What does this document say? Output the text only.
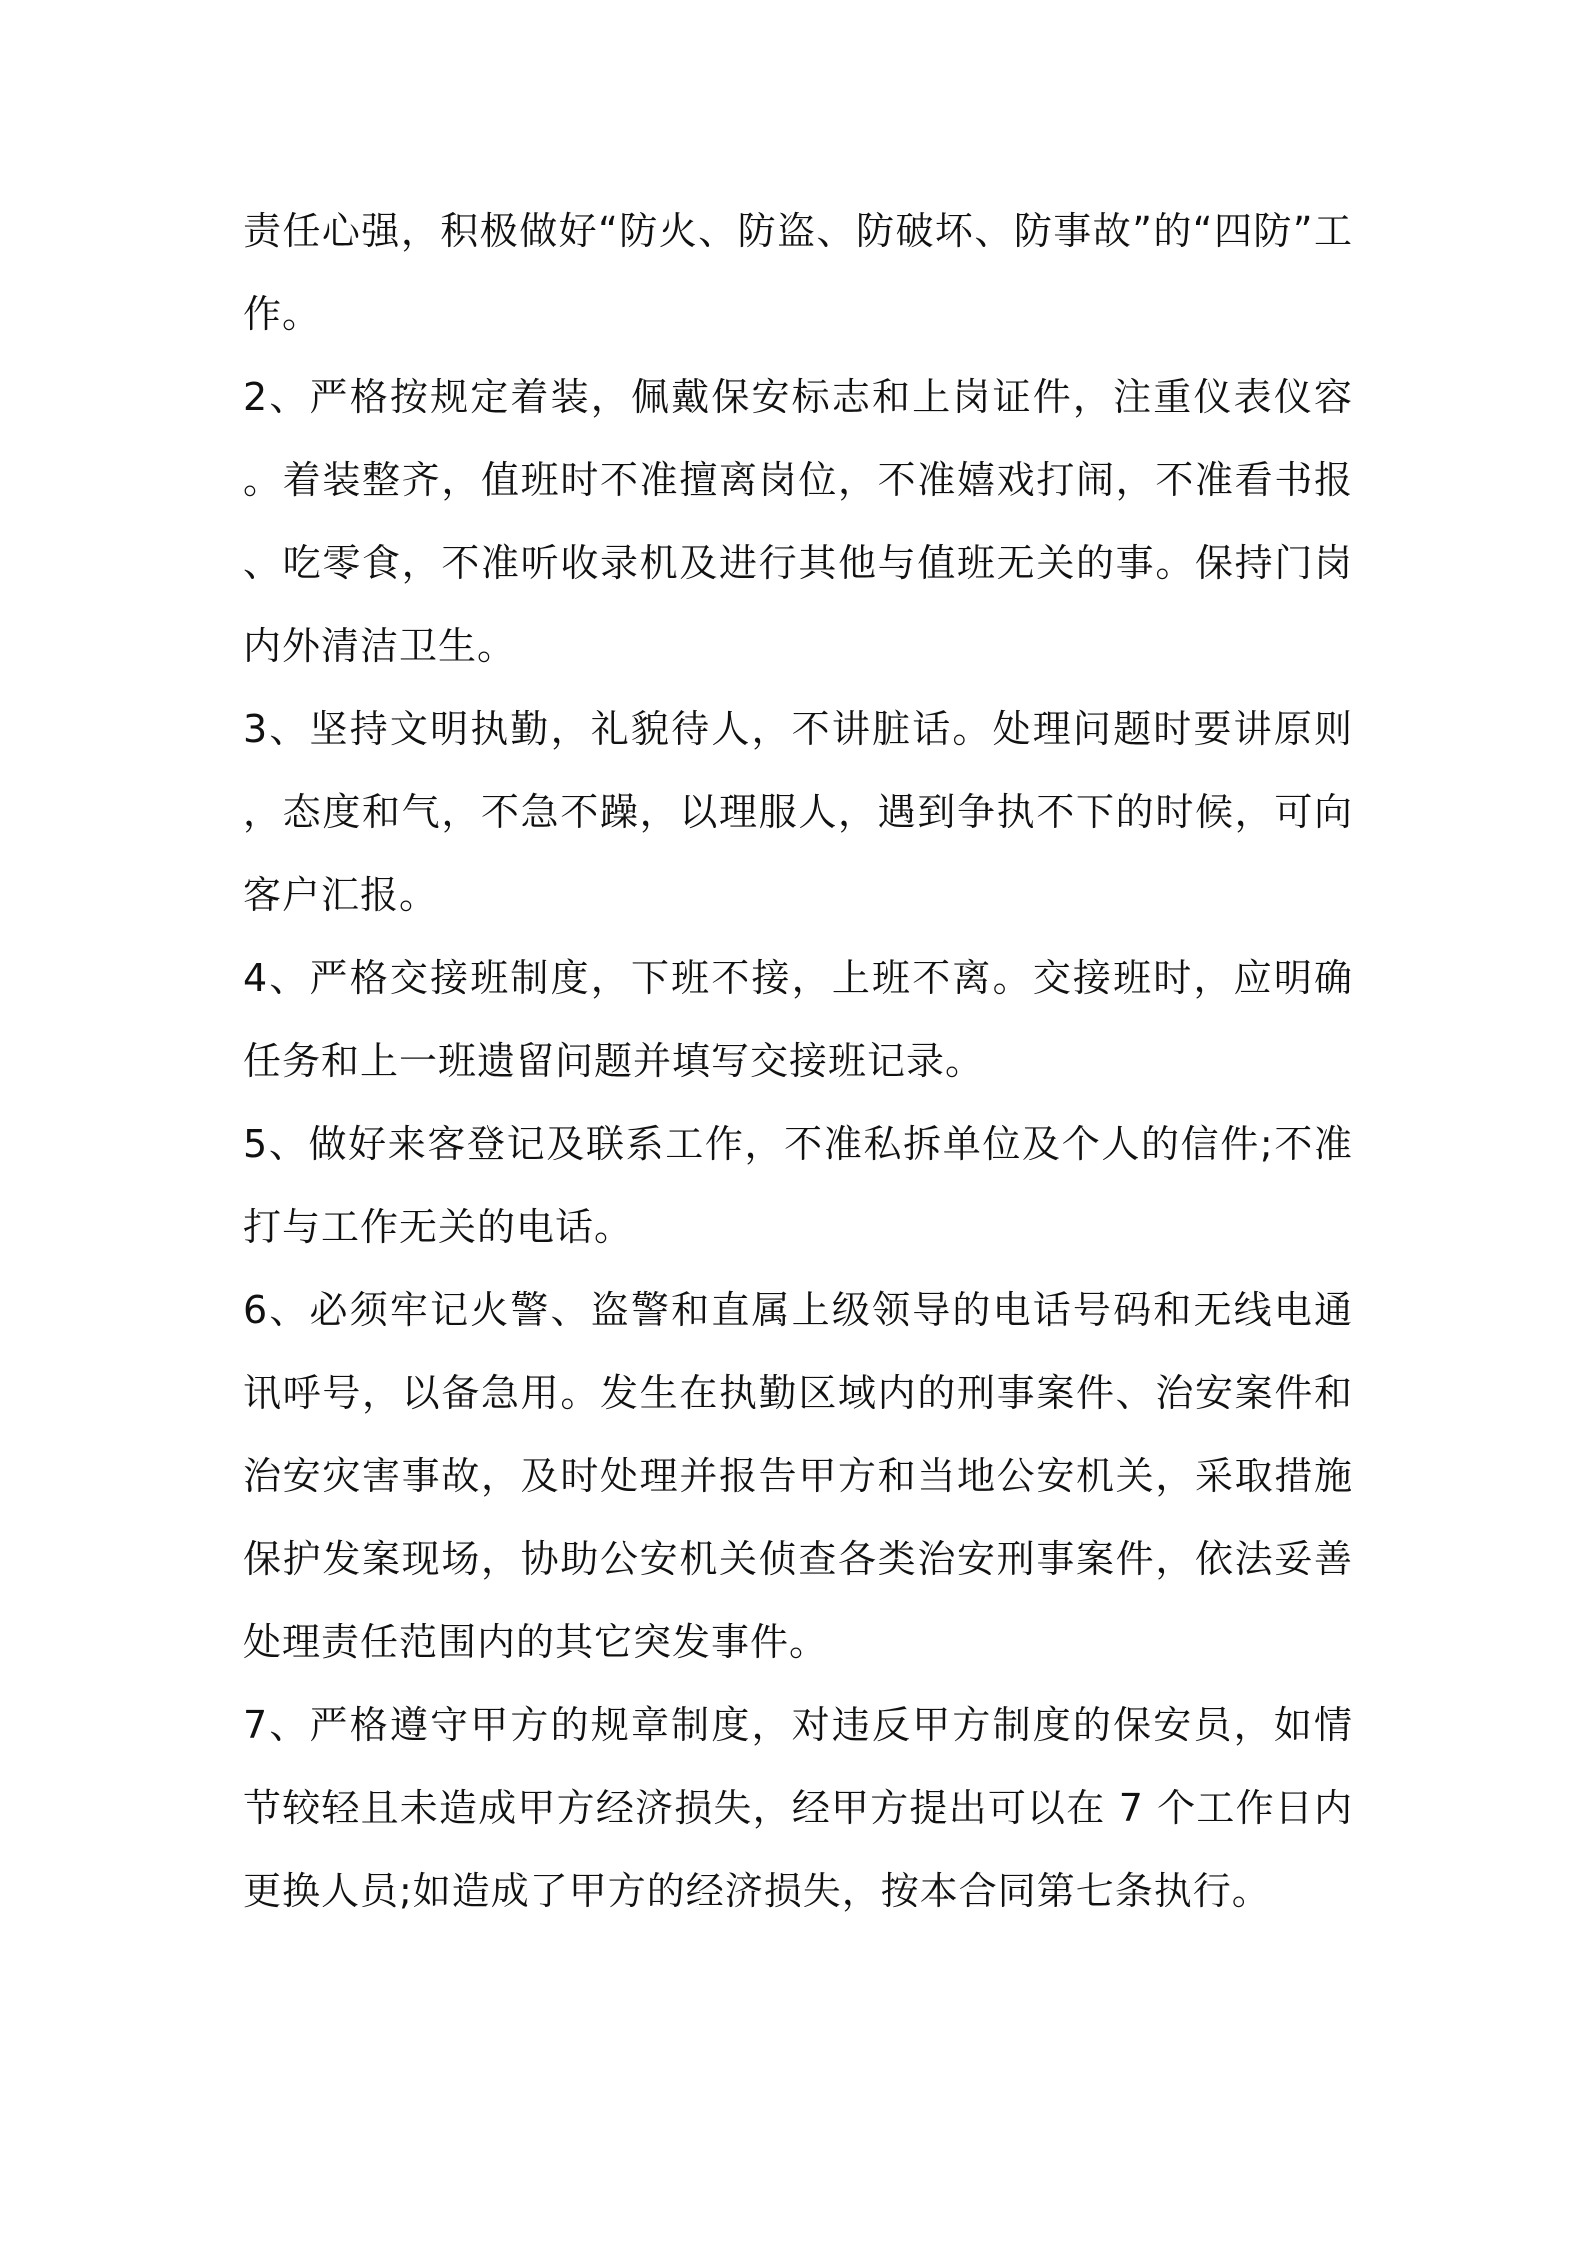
责任心强，积极做好“防火、防盗、防破坏、防事故”的“四防”工作。

2、严格按规定着装，佩戴保安标志和上岗证件，注重仪表仪容。着装整齐，值班时不准擅离岗位，不准嬉戏打闹，不准看书报、吃零食，不准听收录机及进行其他与值班无关的事。保持门岗内外清洁卫生。

3、坚持文明执勤，礼貌待人，不讲脏话。处理问题时要讲原则，态度和气，不急不躁，以理服人，遇到争执不下的时候，可向客户汇报。

4、严格交接班制度，下班不接，上班不离。交接班时，应明确任务和上一班遗留问题并填写交接班记录。

5、做好来客登记及联系工作，不准私拆单位及个人的信件;不准打与工作无关的电话。

6、必须牢记火警、盗警和直属上级领导的电话号码和无线电通讯呼号，以备急用。发生在执勤区域内的刑事案件、治安案件和治安灾害事故，及时处理并报告甲方和当地公安机关，采取措施保护发案现场，协助公安机关侦查各类治安刑事案件，依法妥善处理责任范围内的其它突发事件。

7、严格遵守甲方的规章制度，对违反甲方制度的保安员，如情节较轻且未造成甲方经济损失，经甲方提出可以在 7 个工作日内更换人员;如造成了甲方的经济损失，按本合同第七条执行。
